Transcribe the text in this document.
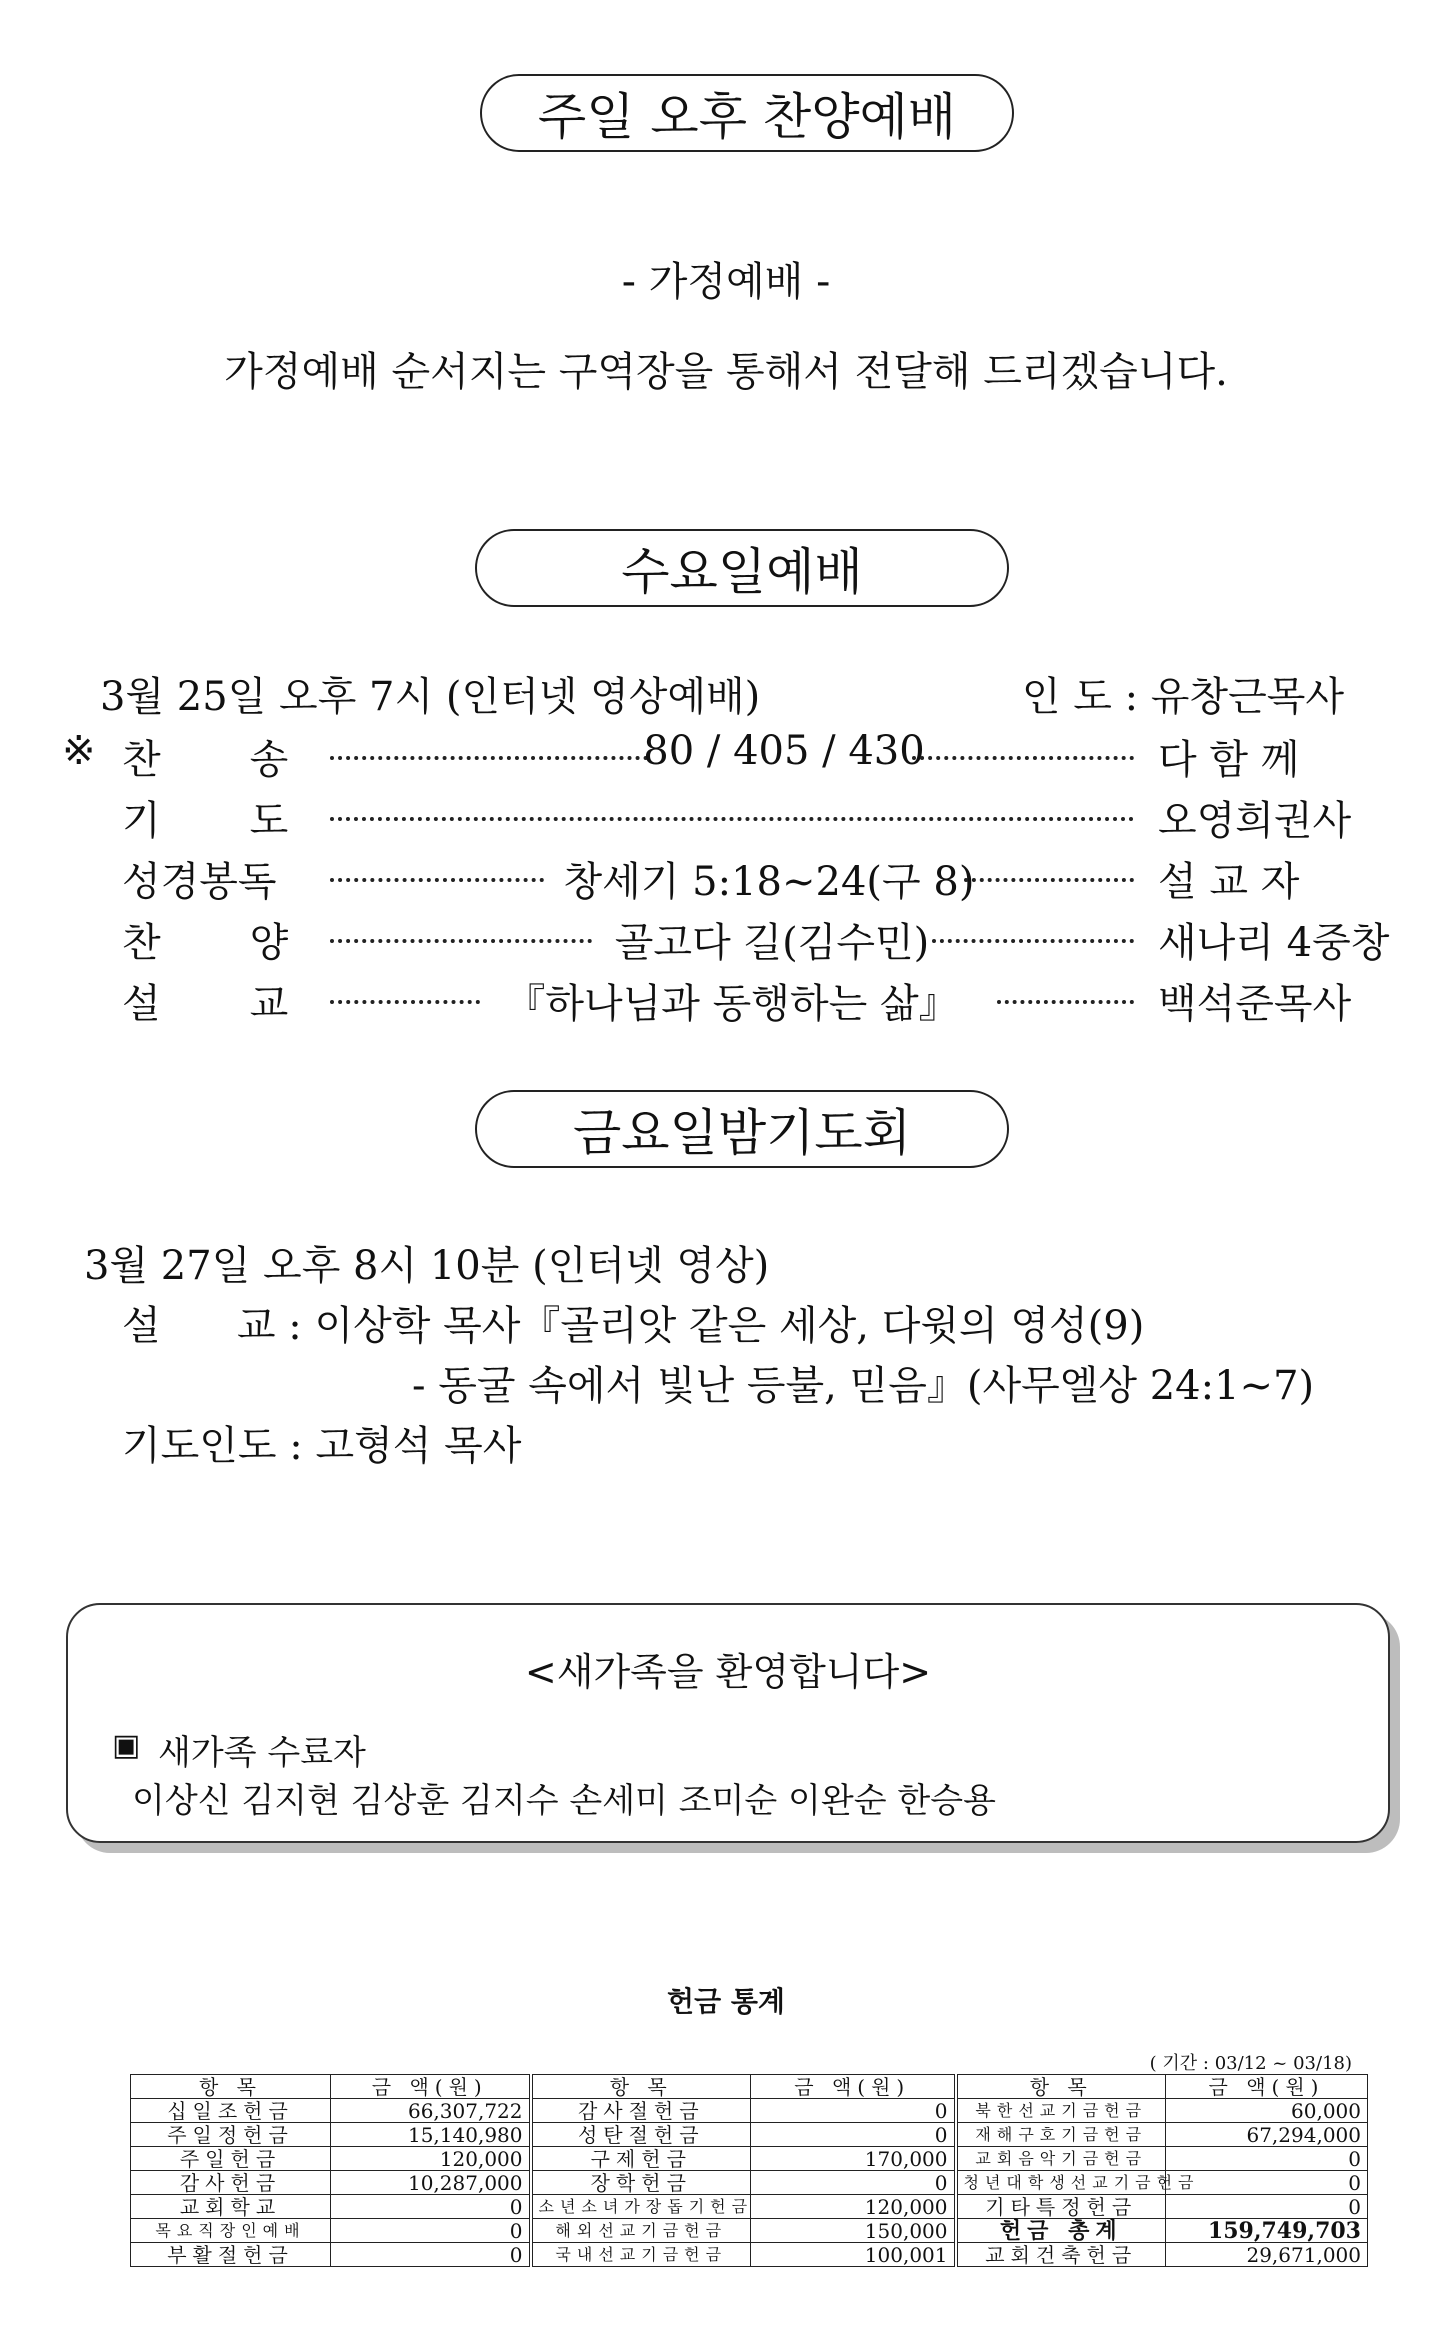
주일 오후 찬양예배
- 가정예배 -
가정예배 순서지는 구역장을 통해서 전달해 드리겠습니다.
수요일예배
3월 25일 오후 7시 (인터넷 영상예배)	인 도 : 유창근목사
※ 찬       송	80 / 405 / 430	다 함 께
기       도	오영희권사
성경봉독	창세기 5:18~24(구 8)	설 교 자
찬       양	골고다 길(김수민)	새나리 4중창
설       교	『하나님과 동행하는 삶』	백석준목사
금요일밤기도회
3월 27일 오후 8시 10분 (인터넷 영상)
설      교 : 이상학 목사『골리앗 같은 세상, 다윗의 영성(9)
- 동굴 속에서 빛난 등불, 믿음』(사무엘상 24:1~7)
기도인도 : 고형석 목사
<새가족을 환영합니다>
▣ 새가족 수료자
이상신 김지현 김상훈 김지수 손세미 조미순 이완순 한승용
헌금 통계
( 기간 : 03/12 ~ 03/18)
항 목	금 액(원)	항 목	금 액(원)	항 목	금 액(원)
십일조헌금	66,307,722	감사절헌금	0	북한선교기금헌금	60,000
주일정헌금	15,140,980	성탄절헌금	0	재해구호기금헌금	67,294,000
주일헌금	120,000	구제헌금	170,000	교회음악기금헌금	0
감사헌금	10,287,000	장학헌금	0	청년대학생선교기금헌금	0
교회학교	0	소년소녀가장돕기헌금	120,000	기타특정헌금	0
목요직장인예배	0	해외선교기금헌금	150,000	헌금 총계	159,749,703
부활절헌금	0	국내선교기금헌금	100,001	교회건축헌금	29,671,000
